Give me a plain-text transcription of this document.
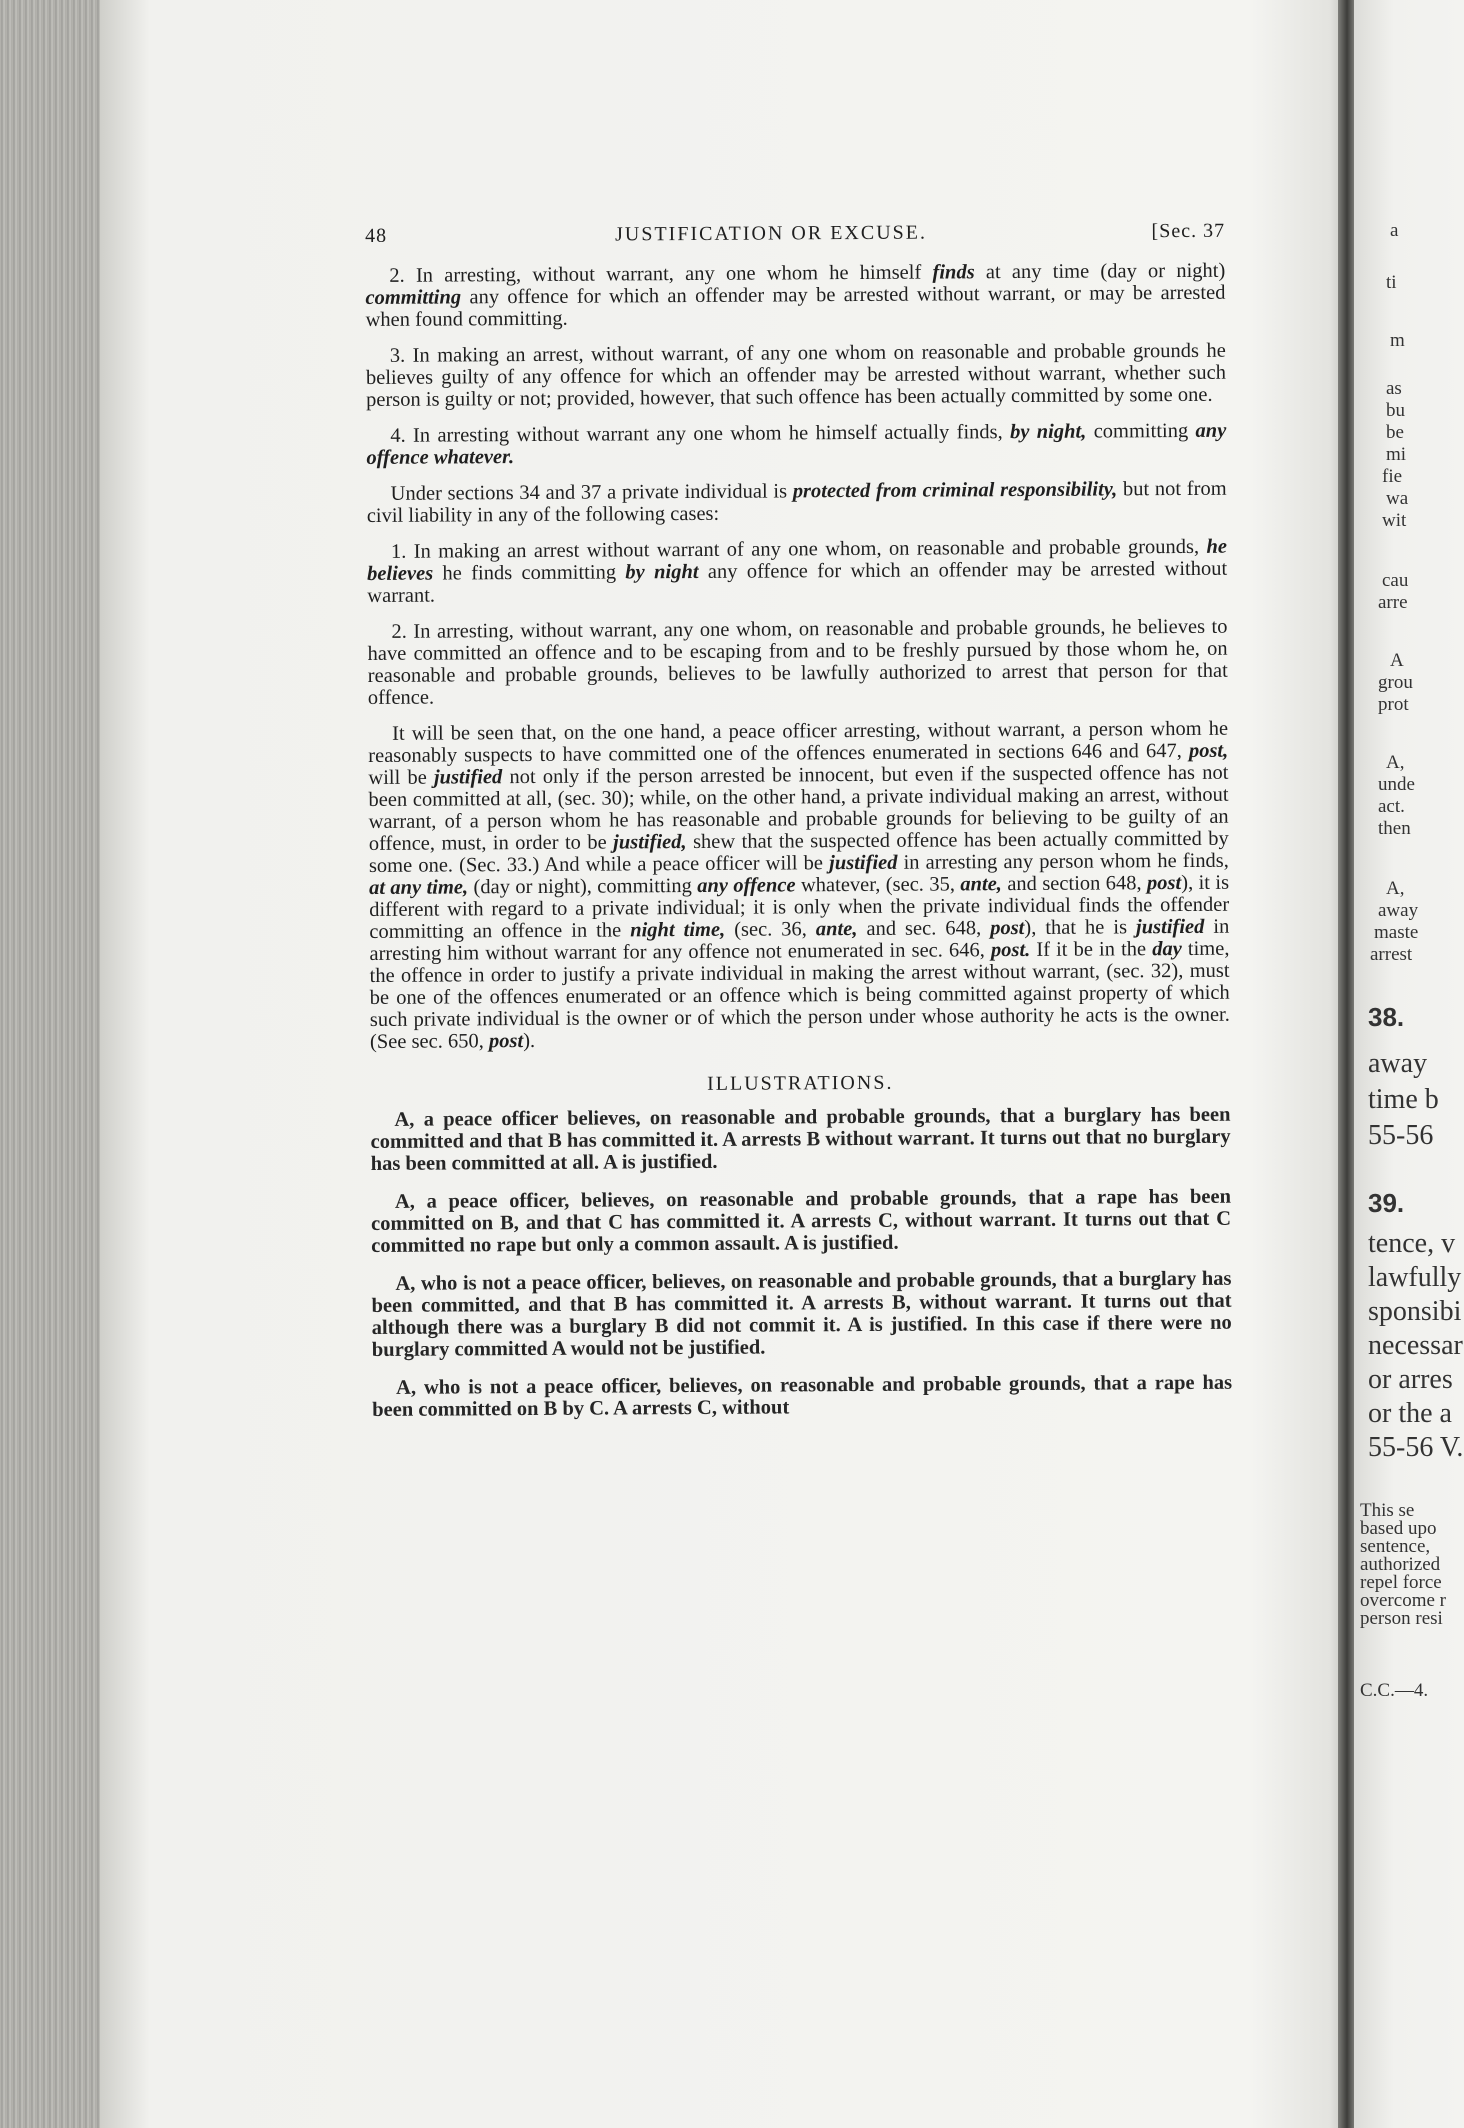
a
ti
m
as
bu
be
mi
fie
wa
wit
cau
arre
A
grou
prot
A,
unde
act.
then
A,
away
maste
arrest
38.
away
time b
55-56
39.
tence, v
lawfully
sponsibi
necessar
or arres
or the a
55-56 V.
This se
based upo
sentence,
authorized
repel force
overcome r
person resi
C.C.—4.
48	JUSTIFICATION OR EXCUSE.	[Sec. 37

2. In arresting, without warrant, any one whom he himself finds at any time (day or night) committing any offence for which an offender may be arrested without warrant, or may be arrested when found committing.

3. In making an arrest, without warrant, of any one whom on reasonable and probable grounds he believes guilty of any offence for which an offender may be arrested without warrant, whether such person is guilty or not; provided, however, that such offence has been actually committed by some one.

4. In arresting without warrant any one whom he himself actually finds, by night, committing any offence whatever.

Under sections 34 and 37 a private individual is protected from criminal responsibility, but not from civil liability in any of the following cases:

1. In making an arrest without warrant of any one whom, on reasonable and probable grounds, he believes he finds committing by night any offence for which an offender may be arrested without warrant.

2. In arresting, without warrant, any one whom, on reasonable and probable grounds, he believes to have committed an offence and to be escaping from and to be freshly pursued by those whom he, on reasonable and probable grounds, believes to be lawfully authorized to arrest that person for that offence.

It will be seen that, on the one hand, a peace officer arresting, without warrant, a person whom he reasonably suspects to have committed one of the offences enumerated in sections 646 and 647, post, will be justified not only if the person arrested be innocent, but even if the suspected offence has not been committed at all, (sec. 30); while, on the other hand, a private individual making an arrest, without warrant, of a person whom he has reasonable and probable grounds for believing to be guilty of an offence, must, in order to be justified, shew that the suspected offence has been actually committed by some one. (Sec. 33.) And while a peace officer will be justified in arresting any person whom he finds, at any time, (day or night), committing any offence whatever, (sec. 35, ante, and section 648, post), it is different with regard to a private individual; it is only when the private individual finds the offender committing an offence in the night time, (sec. 36, ante, and sec. 648, post), that he is justified in arresting him without warrant for any offence not enumerated in sec. 646, post. If it be in the day time, the offence in order to justify a private individual in making the arrest without warrant, (sec. 32), must be one of the offences enumerated or an offence which is being committed against property of which such private individual is the owner or of which the person under whose authority he acts is the owner. (See sec. 650, post).

ILLUSTRATIONS.

A, a peace officer believes, on reasonable and probable grounds, that a burglary has been committed and that B has committed it. A arrests B without warrant. It turns out that no burglary has been committed at all. A is justified.

A, a peace officer, believes, on reasonable and probable grounds, that a rape has been committed on B, and that C has committed it. A arrests C, without warrant. It turns out that C committed no rape but only a common assault. A is justified.

A, who is not a peace officer, believes, on reasonable and probable grounds, that a burglary has been committed, and that B has committed it. A arrests B, without warrant. It turns out that although there was a burglary B did not commit it. A is justified. In this case if there were no burglary committed A would not be justified.

A, who is not a peace officer, believes, on reasonable and probable grounds, that a rape has been committed on B by C. A arrests C, without
